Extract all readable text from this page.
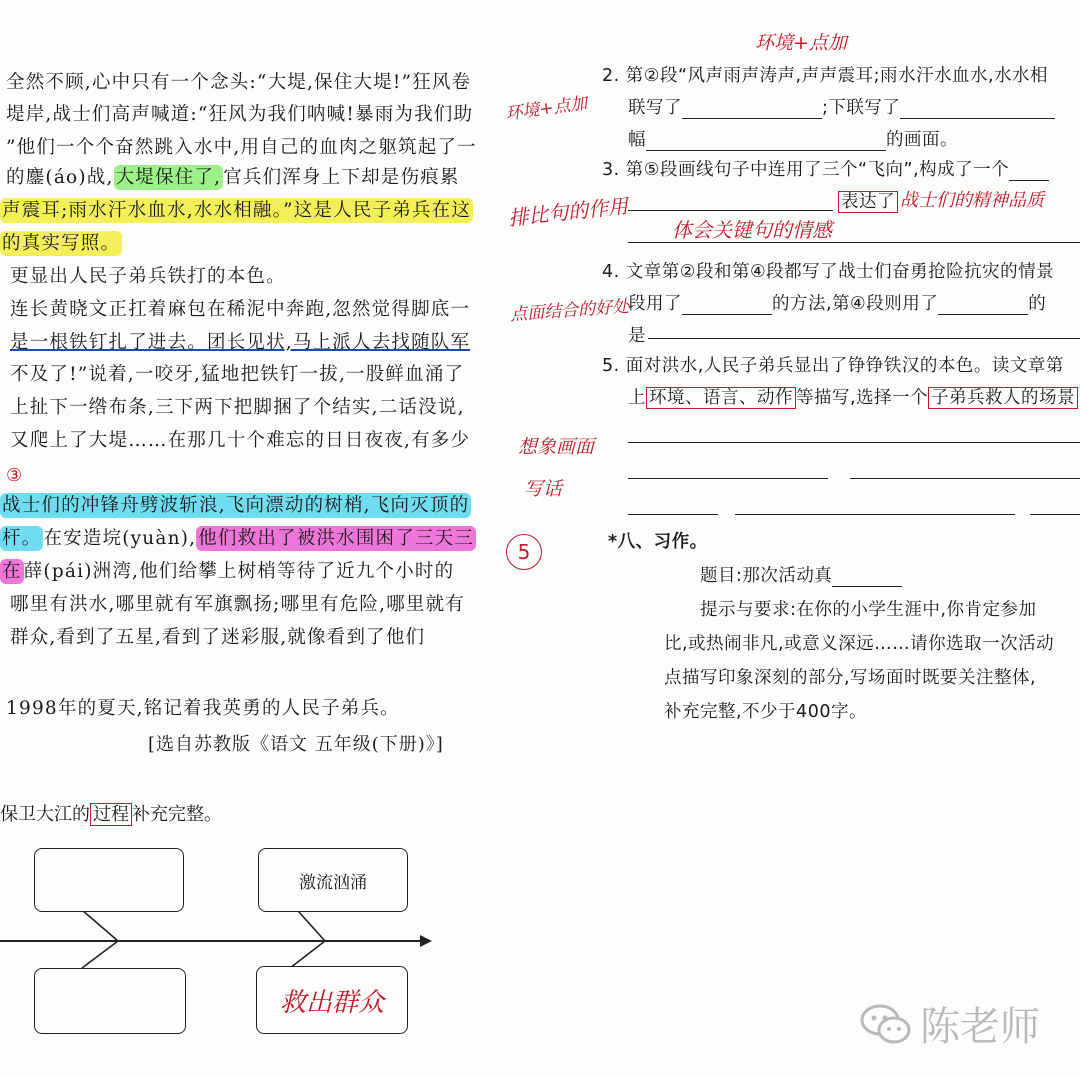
全然不顾,心中只有一个念头:“大堤,保住大堤!”狂风卷
堤岸,战士们高声喊道:“狂风为我们呐喊!暴雨为我们助
”他们一个个奋然跳入水中,用自己的血肉之躯筑起了一
的鏖(áo)战, 大堤保住了, 官兵们浑身上下却是伤痕累
声震耳;雨水汗水血水,水水相融。”这是人民子弟兵在这
的真实写照。
更显出人民子弟兵铁打的本色。
连长黄晓文正扛着麻包在稀泥中奔跑,忽然觉得脚底一
是一根铁钉扎了进去。团长见状,马上派人去找随队军
不及了!”说着,一咬牙,猛地把铁钉一拔,一股鲜血涌了
上扯下一绺布条,三下两下把脚捆了个结实,二话没说,
又爬上了大堤……在那几十个难忘的日日夜夜,有多少
③
战士们的冲锋舟劈波斩浪,飞向漂动的树梢,飞向灭顶的
杆。 在安造垸(yuàn), 他们救出了被洪水围困了三天三
在 薛(pái)洲湾,他们给攀上树梢等待了近九个小时的
哪里有洪水,哪里就有军旗飘扬;哪里有危险,哪里就有
群众,看到了五星,看到了迷彩服,就像看到了他们
1998年的夏天,铭记着我英勇的人民子弟兵。
[选自苏教版《语文 五年级(下册)》]
保卫大江的 过程 补充完整。
激流汹涌
救出群众
环境+点加
排比句的作用
点面结合的好处
想象画面
写话
5
环境+点加
2. 第②段“风声雨声涛声,声声震耳;雨水汗水血水,水水相
联写了	;下联写了
幅	的画面。
3. 第⑤段画线句子中连用了三个“飞向”,构成了一个
表达了 战士们的精神品质
体会关键句的情感
4. 文章第②段和第④段都写了战士们奋勇抢险抗灾的情景
段用了	的方法,第④段则用了	的
是
5. 面对洪水,人民子弟兵显出了铮铮铁汉的本色。读文章第
上 环境、语言、动作 等描写,选择一个 子弟兵救人的场景
*八、习作。
题目:那次活动真
提示与要求:在你的小学生涯中,你肯定参加
比,或热闹非凡,或意义深远……请你选取一次活动
点描写印象深刻的部分,写场面时既要关注整体,
补充完整,不少于400字。
陈老师
